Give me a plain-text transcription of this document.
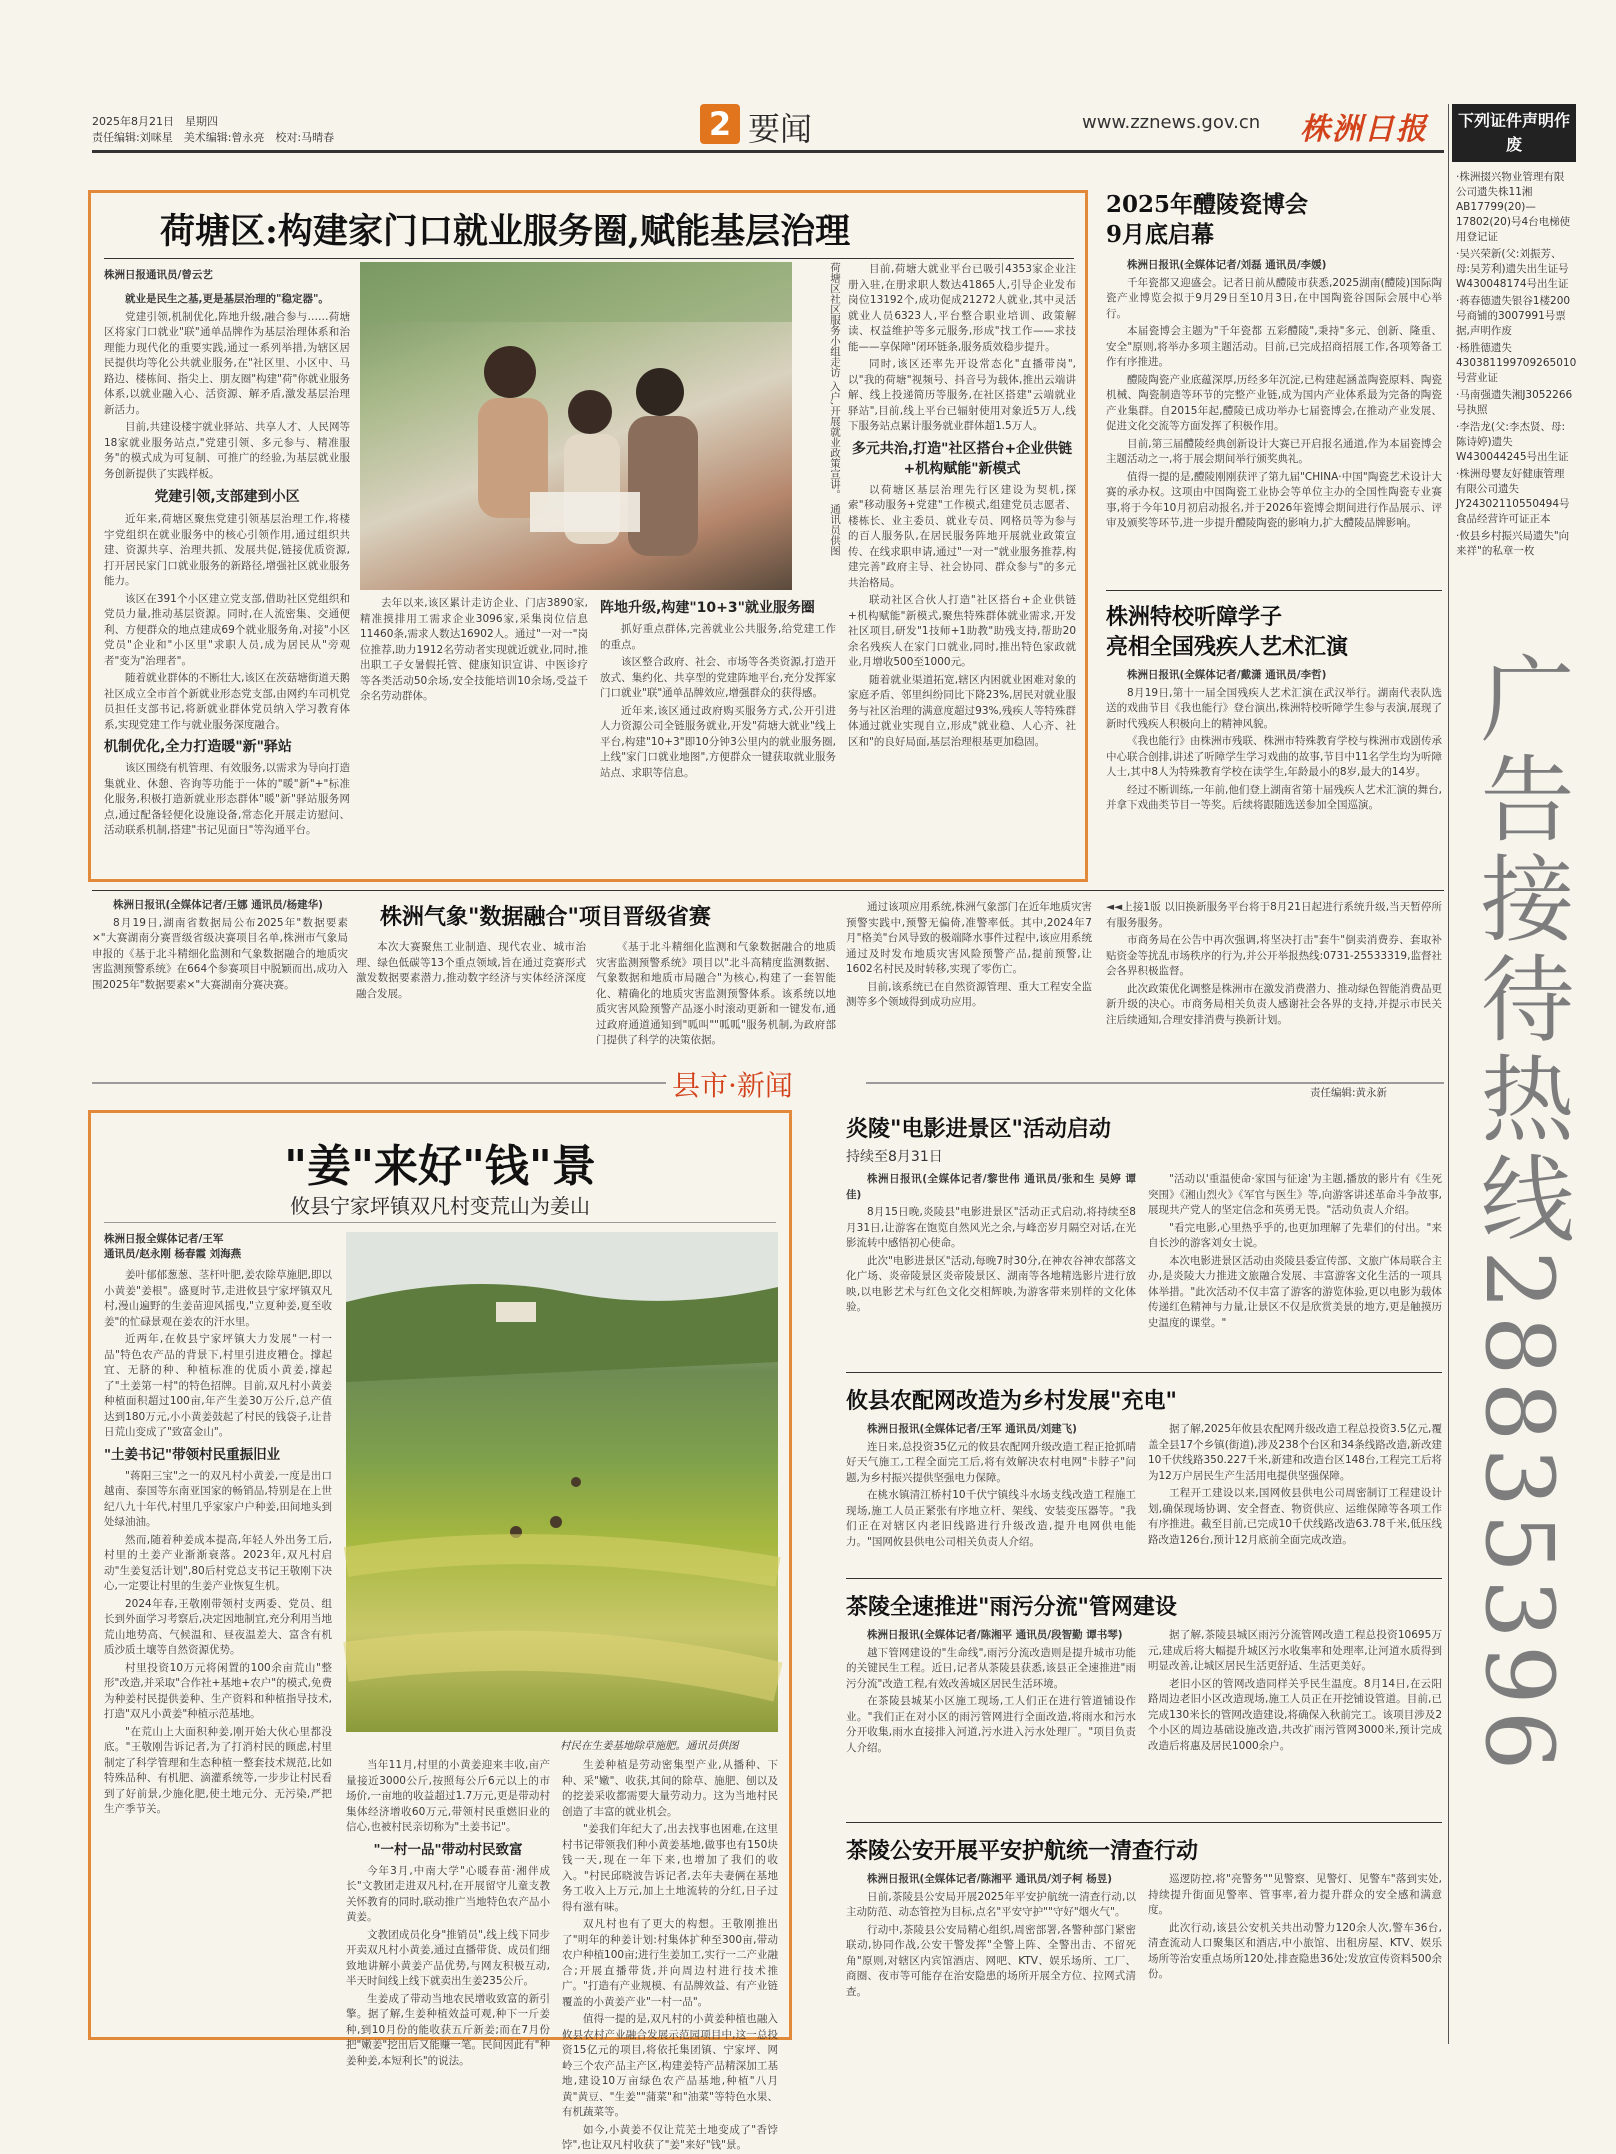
2025年8月21日　星期四
责任编辑:刘咪星　美术编辑:曾永亮　校对:马晴春	2 要闻	www.zznews.gov.cn 株洲日报
荷塘区:构建家门口就业服务圈,赋能基层治理
株洲日报通讯员/曾云艺

就业是民生之基,更是基层治理的"稳定器"。

党建引领,机制优化,阵地升级,融合参与……荷塘区将家门口就业"联"通单品牌作为基层治理体系和治理能力现代化的重要实践,通过一系列举措,为辖区居民提供均等化公共就业服务,在"社区里、小区中、马路边、楼栋间、指尖上、朋友圈"构建"荷"你就业服务体系,以就业融入心、活资源、解矛盾,激发基层治理新活力。

目前,共建设楼宇就业驿站、共享人才、人民网等18家就业服务站点,"党建引领、多元参与、精准服务"的模式成为可复制、可推广的经验,为基层就业服务创新提供了实践样板。

党建引领,支部建到小区

近年来,荷塘区聚焦党建引领基层治理工作,将楼宇党组织在就业服务中的核心引领作用,通过组织共建、资源共享、治理共抓、发展共促,链接优质资源,打开居民家门口就业服务的新路径,增强社区就业服务能力。

该区在391个小区建立党支部,借助社区党组织和党员力量,推动基层资源。同时,在人流密集、交通便利、方便群众的地点建成69个就业服务角,对接"小区党员"企业和"小区里"求职人员,成为居民从"旁观者"变为"治理者"。

随着就业群体的不断壮大,该区在茨菇塘街道天鹅社区成立全市首个新就业形态党支部,由网约车司机党员担任支部书记,将新就业群体党员纳入学习教育体系,实现党建工作与就业服务深度融合。

机制优化,全力打造暖"新"驿站

该区围绕有机管理、有效服务,以需求为导向打造集就业、休憩、咨询等功能于一体的"暖"新"+"标准化服务,积极打造新就业形态群体"暖"新"驿站服务网点,通过配备轻便化设施设备,常态化开展走访慰问、活动联系机制,搭建"书记见面日"等沟通平台。

荷塘区社区服务小组走访 入户,开展就业政策宣讲。 通讯员供图	目前,荷塘大就业平台已吸引4353家企业注册入驻,在册求职人数达41865人,引导企业发布岗位13192个,成功促成21272人就业,其中灵活就业人员6323人,平台整合职业培训、政策解读、权益维护等多元服务,形成"找工作——求技能——享保障"闭环链条,服务质效稳步提升。

同时,该区还率先开设常态化"直播带岗",以"我的荷塘"视频号、抖音号为载体,推出云端讲解、线上投递简历等服务,在社区搭建"云端就业驿站",目前,线上平台已辐射使用对象近5万人,线下服务站点累计服务就业群体超1.5万人。

多元共治,打造"社区搭台+企业供链+机构赋能"新模式

以荷塘区基层治理先行区建设为契机,探索"移动服务+党建"工作模式,组建党员志愿者、楼栋长、业主委员、就业专员、网格员等为参与的百人服务队,在居民服务阵地开展就业政策宣传、在线求职申请,通过"一对一"就业服务推荐,构建完善"政府主导、社会协同、群众参与"的多元共治格局。

联动社区合伙人打造"社区搭台+企业供链+机构赋能"新模式,聚焦特殊群体就业需求,开发社区项目,研发"1技师+1助教"助残支持,帮助20余名残疾人在家门口就业,同时,推出特色家政就业,月增收500至1000元。

随着就业渠道拓宽,辖区内困就业困难对象的家庭矛盾、邻里纠纷同比下降23%,居民对就业服务与社区治理的满意度超过93%,残疾人等特殊群体通过就业实现自立,形成"就业稳、人心齐、社区和"的良好局面,基层治理根基更加稳固。

去年以来,该区累计走访企业、门店3890家,精准摸排用工需求企业3096家,采集岗位信息11460条,需求人数达16902人。通过"一对一"岗位推荐,助力1912名劳动者实现就近就业,同时,推出职工子女暑假托管、健康知识宣讲、中医诊疗等各类活动50余场,安全技能培训10余场,受益千余名劳动群体。

阵地升级,构建"10+3"就业服务圈

抓好重点群体,完善就业公共服务,给党建工作的重点。

该区整合政府、社会、市场等各类资源,打造开放式、集约化、共享型的党建阵地平台,充分发挥家门口就业"联"通单品牌效应,增强群众的获得感。

近年来,该区通过政府购买服务方式,公开引进人力资源公司全链服务就业,开发"荷塘大就业"线上平台,构建"10+3"即10分钟3公里内的就业服务圈,上线"家门口就业地图",方便群众一键获取就业服务站点、求职等信息。

2025年醴陵瓷博会
9月底启幕

株洲日报讯(全媒体记者/刘磊 通讯员/李媛)

千年瓷都又迎盛会。记者日前从醴陵市获悉,2025湖南(醴陵)国际陶瓷产业博览会拟于9月29日至10月3日,在中国陶瓷谷国际会展中心举行。

本届瓷博会主题为"千年瓷都 五彩醴陵",秉持"多元、创新、隆重、安全"原则,将举办多项主题活动。目前,已完成招商招展工作,各项筹备工作有序推进。

醴陵陶瓷产业底蕴深厚,历经多年沉淀,已构建起涵盖陶瓷原料、陶瓷机械、陶瓷制造等环节的完整产业链,成为国内产业体系最为完备的陶瓷产业集群。自2015年起,醴陵已成功举办七届瓷博会,在推动产业发展、促进文化交流等方面发挥了积极作用。

目前,第三届醴陵经典创新设计大赛已开启报名通道,作为本届瓷博会主题活动之一,将于展会期间举行颁奖典礼。

值得一提的是,醴陵刚刚获评了第九届"CHINA·中国"陶瓷艺术设计大赛的承办权。这项由中国陶瓷工业协会等单位主办的全国性陶瓷专业赛事,将于今年10月初启动报名,并于2026年瓷博会期间进行作品展示、评审及颁奖等环节,进一步提升醴陵陶瓷的影响力,扩大醴陵品牌影响。

株洲特校听障学子
亮相全国残疾人艺术汇演

株洲日报讯(全媒体记者/戴潇 通讯员/李哲)

8月19日,第十一届全国残疾人艺术汇演在武汉举行。湖南代表队选送的戏曲节目《我也能行》登台演出,株洲特校听障学生参与表演,展现了新时代残疾人积极向上的精神风貌。

《我也能行》由株洲市残联、株洲市特殊教育学校与株洲市戏剧传承中心联合创排,讲述了听障学生学习戏曲的故事,节目中11名学生均为听障人士,其中8人为特殊教育学校在读学生,年龄最小的8岁,最大的14岁。

经过不断训练,一年前,他们登上湖南省第十届残疾人艺术汇演的舞台,并拿下戏曲类节目一等奖。后续将跟随选送参加全国巡演。

下列证件声明作废
·株洲掇兴物业管理有限公司遗失株11湘AB17799(20)—17802(20)号4台电梯使用登记证
·吴兴荣新(父:刘振芳、母:吴芳利)遗失出生证号W430048174号出生证
·蒋春德遗失银谷1楼200号商铺的3007991号票据,声明作废
·杨胜德遗失430381199709265010号营业证
·马南强遗失湘J3052266号执照
·李浩龙(父:李杰贤、母:陈诗婷)遗失W430044245号出生证
·株洲母婴友好健康管理有限公司遗失JY24302110550494号食品经营许可证正本
·攸县乡村振兴局遗失"向来祥"的私章一枚
广告接待热线28835396

株洲日报讯(全媒体记者/王娜 通讯员/杨建华)

8月19日,湖南省数据局公布2025年"数据要素×"大赛湖南分赛晋级省级决赛项目名单,株洲市气象局申报的《基于北斗精细化监测和气象数据融合的地质灾害监测预警系统》在664个参赛项目中脱颖而出,成功入围2025年"数据要素×"大赛湖南分赛决赛。

株洲气象"数据融合"项目晋级省赛

本次大赛聚焦工业制造、现代农业、城市治理、绿色低碳等13个重点领域,旨在通过竞赛形式激发数据要素潜力,推动数字经济与实体经济深度融合发展。

《基于北斗精细化监测和气象数据融合的地质灾害监测预警系统》项目以"北斗高精度监测数据、气象数据和地质市局融合"为核心,构建了一套智能化、精确化的地质灾害监测预警体系。该系统以地质灾害风险预警产品逐小时滚动更新和一键发布,通过政府通道通知到"呱叫""呱呱"服务机制,为政府部门提供了科学的决策依据。

通过该项应用系统,株洲气象部门在近年地质灾害预警实践中,预警无偏倚,准警率低。其中,2024年7月"格美"台风导致的极端降水事件过程中,该应用系统通过及时发布地质灾害风险预警产品,提前预警,让1602名村民及时转移,实现了零伤亡。

目前,该系统已在自然资源管理、重大工程安全监测等多个领域得到成功应用。

◄◄上接1版 以旧换新服务平台将于8月21日起进行系统升级,当天暂停所有服务服务。

市商务局在公告中再次强调,将坚决打击"套牛"倒卖消费券、套取补贴资金等扰乱市场秩序的行为,并公开举报热线:0731-25533319,监督社会各界积极监督。

此次政策优化调整是株洲市在激发消费潜力、推动绿色智能消费品更新升级的决心。市商务局相关负责人感谢社会各界的支持,并提示市民关注后续通知,合理安排消费与换新计划。

县市·新闻	责任编辑:黄永新
"姜"来好"钱"景
攸县宁家坪镇双凡村变荒山为姜山
株洲日报全媒体记者/王军
通讯员/赵永刚 杨春霞 刘海燕

姜叶郁郁葱葱、茎杆叶肥,姜农除草施肥,即以小黄姜"姜根"。盛夏时节,走进攸县宁家坪镇双凡村,漫山遍野的生姜苗迎风摇曳,"立夏种姜,夏至收姜"的忙碌景观在姜农的汗水里。

近两年,在攸县宁家坪镇大力发展"一村一品"特色农产品的背景下,村里引进皮糟仓。撑起宜、无脐的种、种植标准的优质小黄姜,撑起了"土姜第一村"的特色招牌。目前,双凡村小黄姜种植面积超过100亩,年产生姜30万公斤,总产值达到180万元,小小黄姜鼓起了村民的钱袋子,让昔日荒山变成了"致富金山"。

"土姜书记"带领村民重振旧业

"蒋阳三宝"之一的双凡村小黄姜,一度是出口越南、泰国等东南亚国家的畅销品,特别是在上世纪八九十年代,村里几乎家家户户种姜,田间地头到处绿油油。

然而,随着种姜成本提高,年轻人外出务工后,村里的土姜产业渐渐衰落。2023年,双凡村启动"生姜复活计划",80后村党总支书记王敬刚下决心,一定要让村里的生姜产业恢复生机。

2024年春,王敬刚带领村支两委、党员、组长到外面学习考察后,决定因地制宜,充分利用当地荒山地势高、气候温和、昼夜温差大、富含有机质沙质土壤等自然资源优势。

村里投资10万元将闲置的100余亩荒山"整形"改造,并采取"合作社+基地+农户"的模式,免费为种姜村民提供姜种、生产资料和种植指导技术,打造"双凡小黄姜"种植示范基地。

"在荒山上大面积种姜,刚开始大伙心里都没底。"王敬刚告诉记者,为了打消村民的顾虑,村里制定了科学管理和生态种植一整套技术规范,比如特殊品种、有机肥、滴灌系统等,一步步让村民看到了好前景,少施化肥,使土地元分、无污染,严把生产季节关。

村民在生姜基地除草施肥。通讯员供图

当年11月,村里的小黄姜迎来丰收,亩产量接近3000公斤,按照每公斤6元以上的市场价,一亩地的收益超过1.7万元,更是带动村集体经济增收60万元,带领村民重燃旧业的信心,也被村民亲切称为"土姜书记"。

"一村一品"带动村民致富

今年3月,中南大学"心暖春苗·湘伴成长"文教团走进双凡村,在开展留守儿童支教关怀教育的同时,联动推广当地特色农产品小黄姜。

文教团成员化身"推销员",线上线下同步开卖双凡村小黄姜,通过直播带货、成员们细致地讲解小黄姜产品优势,与网友积极互动,半天时间线上线下就卖出生姜235公斤。

生姜成了带动当地农民增收致富的新引擎。据了解,生姜种植效益可观,种下一斤姜种,到10月份的能收获五斤新姜;而在7月份把"嫩姜"挖出后又能赚一笔。民间因此有"种姜种姜,本短利长"的说法。

生姜种植是劳动密集型产业,从播种、下种、采"嫩"、收获,其间的除草、施肥、刨以及的挖姜采收都需要大量劳动力。这为当地村民创造了丰富的就业机会。

"姜我们年纪大了,出去找事也困难,在这里村书记带领我们种小黄姜基地,做事也有150块钱一天,现在一年下来,也增加了我们的收入。"村民邱晓波告诉记者,去年夫妻俩在基地务工收入上万元,加上土地流转的分红,日子过得有滋有味。

双凡村也有了更大的构想。王敬刚推出了"明年的种姜计划:村集体扩种至300亩,带动农户种植100亩;进行生姜加工,实行一二产业融合;开展直播带货,并向周边村进行技术推广。"打造有产业规模、有品牌效益、有产业链覆盖的小黄姜产业"一村一品"。

值得一提的是,双凡村的小黄姜种植也融入攸县农村产业融合发展示范园项目中,这一总投资15亿元的项目,将依托集团镇、宁家坪、网岭三个农产品主产区,构建姜特产品精深加工基地,建设10万亩绿色农产品基地,种植"八月黄"黄豆、"生姜""蒲菜"和"油菜"等特色水果、有机蔬菜等。

如今,小黄姜不仅让荒芜土地变成了"香饽饽",也让双凡村收获了"姜"来好"钱"景。

炎陵"电影进景区"活动启动
持续至8月31日

株洲日报讯(全媒体记者/黎世伟 通讯员/张和生 吴婷 谭佳)

8月15日晚,炎陵县"电影进景区"活动正式启动,将持续至8月31日,让游客在饱览自然风光之余,与峰峦岁月隔空对话,在光影流转中感悟初心使命。

此次"电影进景区"活动,每晚7时30分,在神农谷神农部落文化广场、炎帝陵景区炎帝陵景区、湖南等各地精选影片进行放映,以电影艺术与红色文化交相辉映,为游客带来别样的文化体验。

"活动以'重温使命·家国与征途'为主题,播放的影片有《生死突围》《湘山烈火》《军官与医生》等,向游客讲述革命斗争故事,展现共产党人的坚定信念和英勇无畏。"活动负责人介绍。

"看完电影,心里热乎乎的,也更加理解了先辈们的付出。"来自长沙的游客刘女士说。

本次电影进景区活动由炎陵县委宣传部、文旅广体局联合主办,是炎陵大力推进文旅融合发展、丰富游客文化生活的一项具体举措。"此次活动不仅丰富了游客的游览体验,更以电影为载体传递红色精神与力量,让景区不仅是欣赏美景的地方,更是触摸历史温度的课堂。"

攸县农配网改造为乡村发展"充电"

株洲日报讯(全媒体记者/王军 通讯员/刘建飞)

连日来,总投资35亿元的攸县农配网升级改造工程正抢抓晴好天气施工,工程全面完工后,将有效解决农村电网"卡脖子"问题,为乡村振兴提供坚强电力保障。

在桃水镇清江桥村10千伏宁镇线斗水场支线改造工程施工现场,施工人员正紧张有序地立杆、架线、安装变压器等。"我们正在对辖区内老旧线路进行升级改造,提升电网供电能力。"国网攸县供电公司相关负责人介绍。

据了解,2025年攸县农配网升级改造工程总投资3.5亿元,覆盖全县17个乡镇(街道),涉及238个台区和34条线路改造,新改建10千伏线路350.227千米,新建和改造台区148台,工程完工后将为12万户居民生产生活用电提供坚强保障。

工程开工建设以来,国网攸县供电公司周密制订工程建设计划,确保现场协调、安全督查、物资供应、运维保障等各项工作有序推进。截至目前,已完成10千伏线路改造63.78千米,低压线路改造126台,预计12月底前全面完成改造。

茶陵全速推进"雨污分流"管网建设

株洲日报讯(全媒体记者/陈湘平 通讯员/段智勤 谭书琴)

越下管网建设的"生命线",雨污分流改造则是提升城市功能的关键民生工程。近日,记者从茶陵县获悉,该县正全速推进"雨污分流"改造工程,有效改善城区居民生活环境。

在茶陵县城某小区施工现场,工人们正在进行管道铺设作业。"我们正在对小区的雨污管网进行全面改造,将雨水和污水分开收集,雨水直接排入河道,污水进入污水处理厂。"项目负责人介绍。

据了解,茶陵县城区雨污分流管网改造工程总投资10695万元,建成后将大幅提升城区污水收集率和处理率,让河道水质得到明显改善,让城区居民生活更舒适、生活更美好。

老旧小区的管网改造同样关乎民生温度。8月14日,在云阳路周边老旧小区改造现场,施工人员正在开挖铺设管道。目前,已完成130米长的管网改造建设,将确保入秋前完工。该项目涉及2个小区的周边基础设施改造,共改扩雨污管网3000米,预计完成改造后将惠及居民1000余户。

茶陵公安开展平安护航统一清查行动

株洲日报讯(全媒体记者/陈湘平 通讯员/刘子柯 杨昱)

日前,茶陵县公安局开展2025年平安护航统一清查行动,以主动防范、动态管控为目标,点名"平安守护""守好"烟火气"。

行动中,茶陵县公安局精心组织,周密部署,各警种部门紧密联动,协同作战,公安干警发挥"全警上阵、全警出击、不留死角"原则,对辖区内宾馆酒店、网吧、KTV、娱乐场所、工厂、商圈、夜市等可能存在治安隐患的场所开展全方位、拉网式清查。

巡逻防控,将"亮警务""见警察、见警灯、见警车"落到实处,持续提升街面见警率、管事率,着力提升群众的安全感和满意度。

此次行动,该县公安机关共出动警力120余人次,警车36台,清查流动人口聚集区和酒店,中小旅馆、出租房屋、KTV、娱乐场所等治安重点场所120处,排查隐患36处;发放宣传资料500余份。
